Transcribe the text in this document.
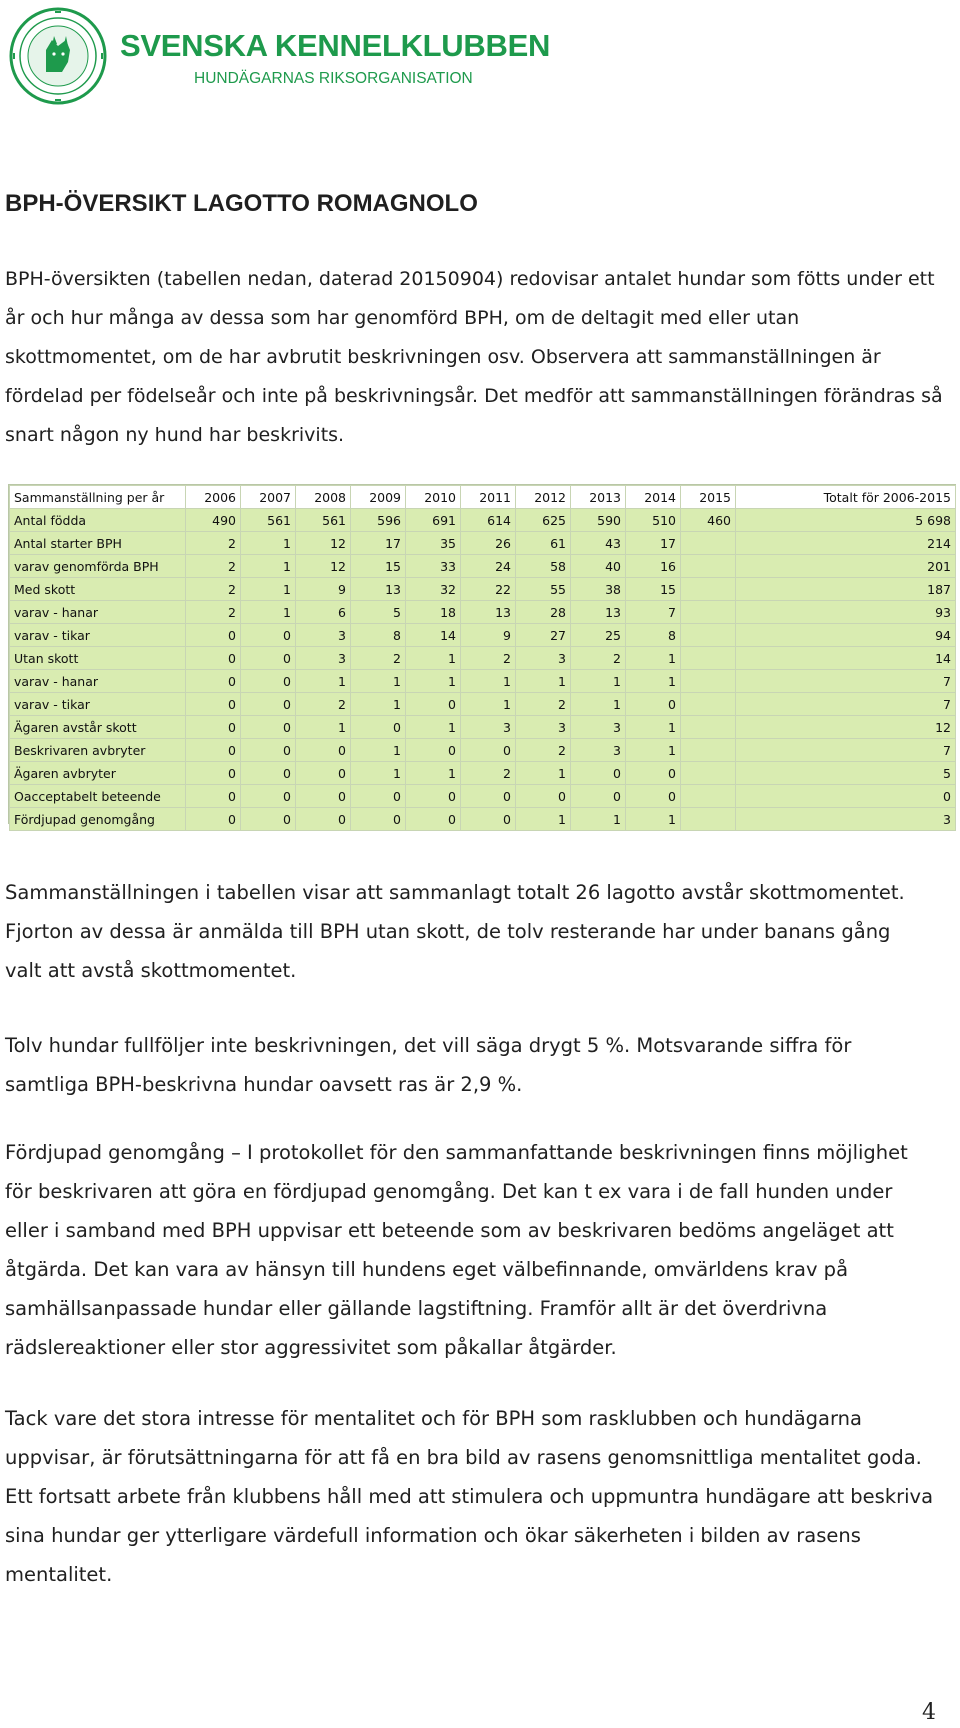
SVENSKA KENNELKLUBBEN
HUNDÄGARNAS RIKSORGANISATION
BPH-ÖVERSIKT LAGOTTO ROMAGNOLO

BPH-översikten (tabellen nedan, daterad 20150904) redovisar antalet hundar som fötts under ett år och hur många av dessa som har genomförd BPH, om de deltagit med eller utan skottmomentet, om de har avbrutit beskrivningen osv. Observera att sammanställningen är fördelad per födelseår och inte på beskrivningsår. Det medför att sammanställningen förändras så snart någon ny hund har beskrivits.

Sammanställning per år	2006	2007	2008	2009	2010	2011	2012	2013	2014	2015	Totalt för 2006-2015
Antal födda	490	561	561	596	691	614	625	590	510	460	5 698
Antal starter BPH	2	1	12	17	35	26	61	43	17		214
varav genomförda BPH	2	1	12	15	33	24	58	40	16		201
Med skott	2	1	9	13	32	22	55	38	15		187
varav - hanar	2	1	6	5	18	13	28	13	7		93
varav - tikar	0	0	3	8	14	9	27	25	8		94
Utan skott	0	0	3	2	1	2	3	2	1		14
varav - hanar	0	0	1	1	1	1	1	1	1		7
varav - tikar	0	0	2	1	0	1	2	1	0		7
Ägaren avstår skott	0	0	1	0	1	3	3	3	1		12
Beskrivaren avbryter	0	0	0	1	0	0	2	3	1		7
Ägaren avbryter	0	0	0	1	1	2	1	0	0		5
Oacceptabelt beteende	0	0	0	0	0	0	0	0	0		0
Fördjupad genomgång	0	0	0	0	0	0	1	1	1		3

Sammanställningen i tabellen visar att sammanlagt totalt 26 lagotto avstår skottmomentet. Fjorton av dessa är anmälda till BPH utan skott, de tolv resterande har under banans gång valt att avstå skottmomentet.

Tolv hundar fullföljer inte beskrivningen, det vill säga drygt 5 %. Motsvarande siffra för samtliga BPH-beskrivna hundar oavsett ras är 2,9 %.

Fördjupad genomgång – I protokollet för den sammanfattande beskrivningen finns möjlighet för beskrivaren att göra en fördjupad genomgång. Det kan t ex vara i de fall hunden under eller i samband med BPH uppvisar ett beteende som av beskrivaren bedöms angeläget att åtgärda. Det kan vara av hänsyn till hundens eget välbefinnande, omvärldens krav på samhällsanpassade hundar eller gällande lagstiftning. Framför allt är det överdrivna rädslereaktioner eller stor aggressivitet som påkallar åtgärder.

Tack vare det stora intresse för mentalitet och för BPH som rasklubben och hundägarna uppvisar, är förutsättningarna för att få en bra bild av rasens genomsnittliga mentalitet goda. Ett fortsatt arbete från klubbens håll med att stimulera och uppmuntra hundägare att beskriva sina hundar ger ytterligare värdefull information och ökar säkerheten i bilden av rasens mentalitet.

4
